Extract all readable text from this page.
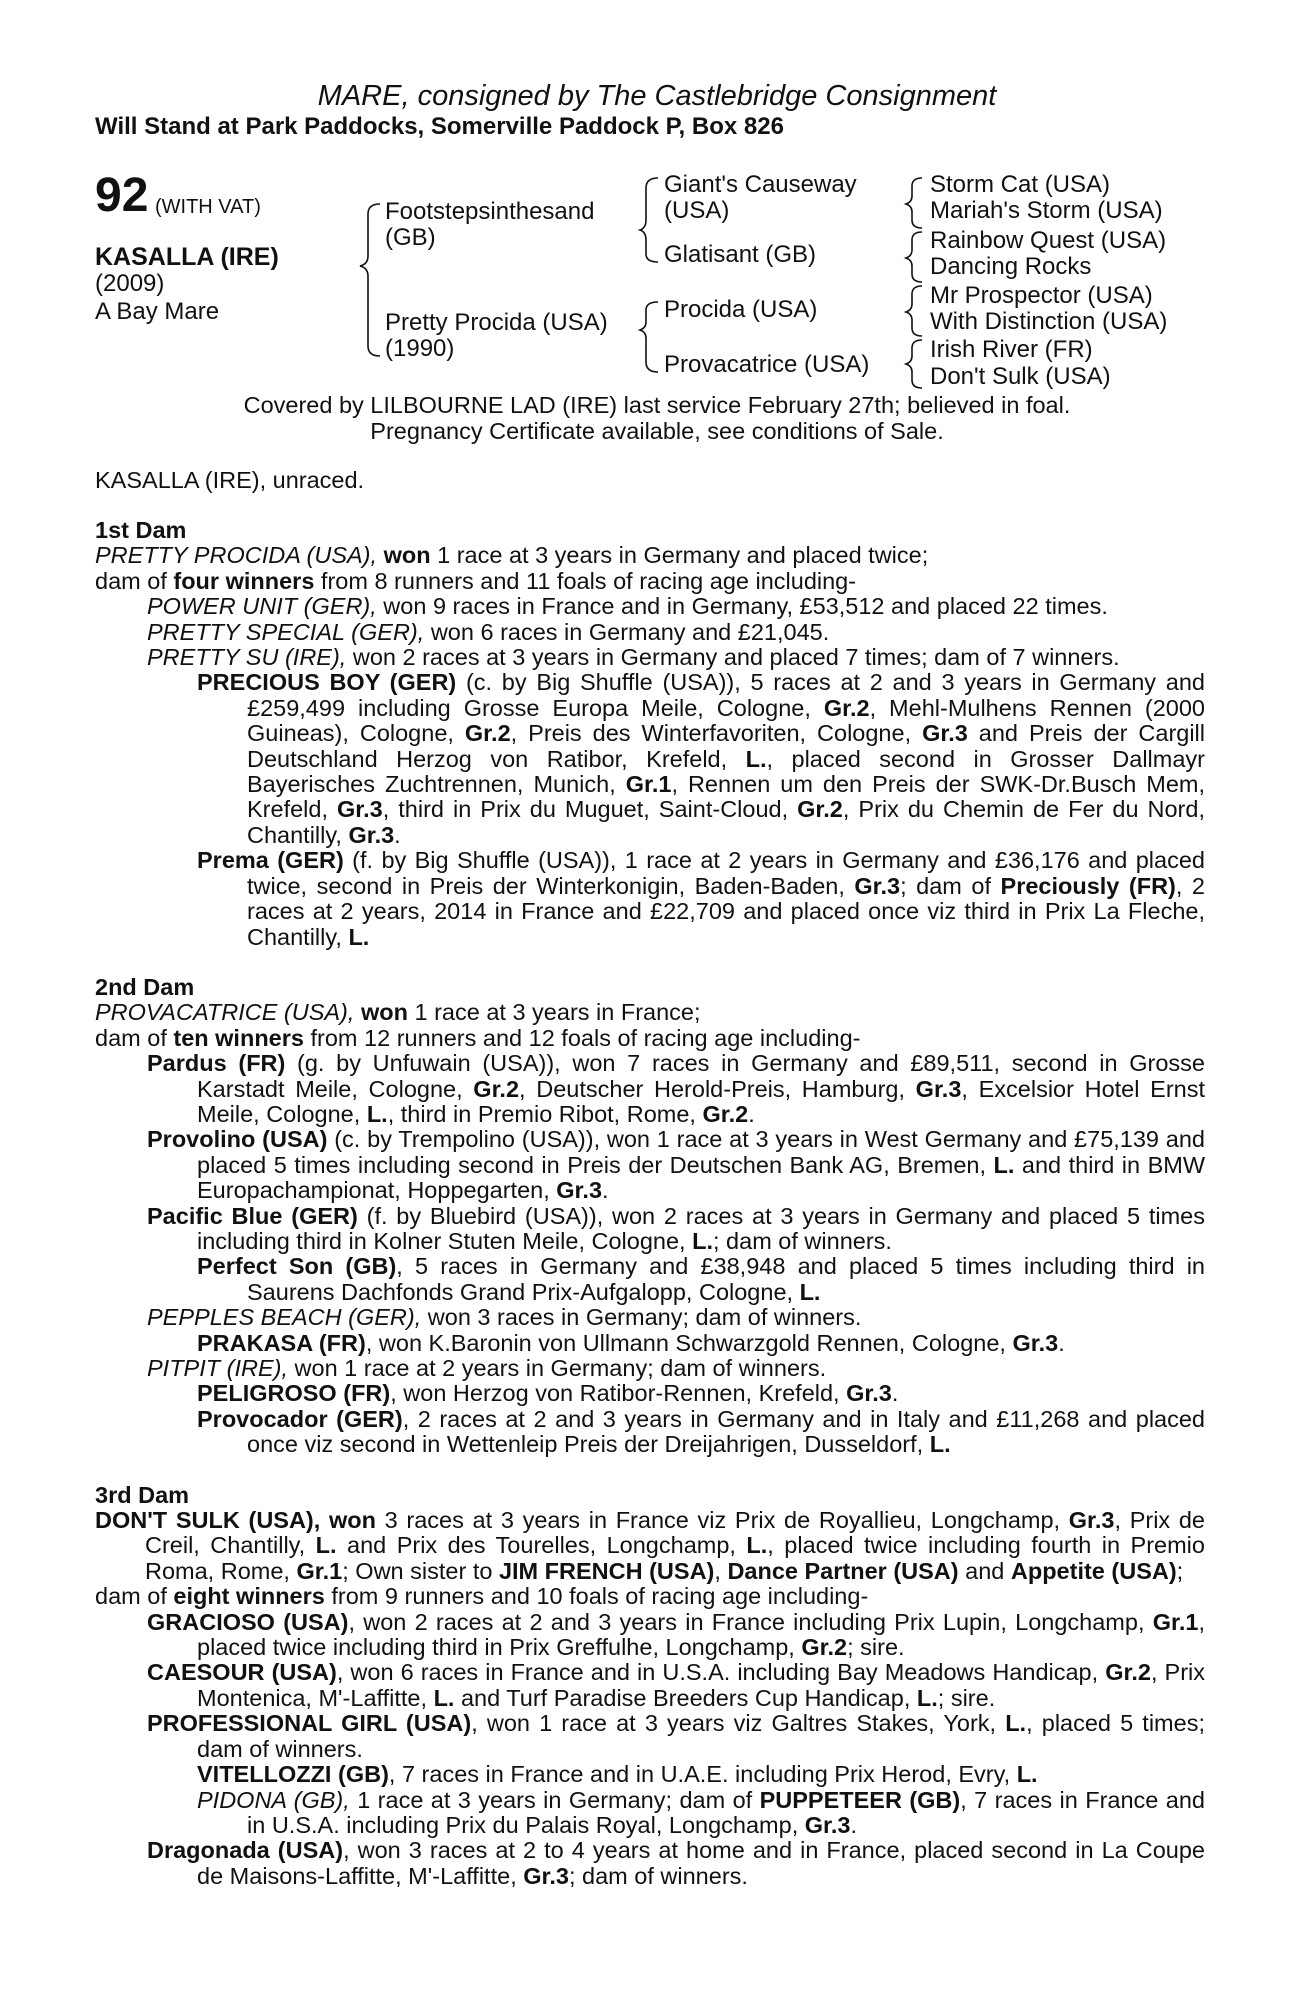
MARE, consigned by The Castlebridge Consignment
Will Stand at Park Paddocks, Somerville Paddock P, Box 826
92 (WITH VAT)
KASALLA (IRE)
(2009)
A Bay Mare
Footstepsinthesand
(GB)
Pretty Procida (USA)
(1990)
Giant's Causeway
(USA)
Glatisant (GB)
Procida (USA)
Provacatrice (USA)
Storm Cat (USA)
Mariah's Storm (USA)
Rainbow Quest (USA)
Dancing Rocks
Mr Prospector (USA)
With Distinction (USA)
Irish River (FR)
Don't Sulk (USA)
Covered by LILBOURNE LAD (IRE) last service February 27th; believed in foal.
Pregnancy Certificate available, see conditions of Sale.
KASALLA (IRE), unraced.
1st Dam
PRETTY PROCIDA (USA), won 1 race at 3 years in Germany and placed twice;
dam of four winners from 8 runners and 11 foals of racing age including-
POWER UNIT (GER), won 9 races in France and in Germany, £53,512 and placed 22 times.
PRETTY SPECIAL (GER), won 6 races in Germany and £21,045.
PRETTY SU (IRE), won 2 races at 3 years in Germany and placed 7 times; dam of 7 winners.
PRECIOUS BOY (GER) (c. by Big Shuffle (USA)), 5 races at 2 and 3 years in Germany and £259,499 including Grosse Europa Meile, Cologne, Gr.2, Mehl-Mulhens Rennen (2000 Guineas), Cologne, Gr.2, Preis des Winterfavoriten, Cologne, Gr.3 and Preis der Cargill Deutschland Herzog von Ratibor, Krefeld, L., placed second in Grosser Dallmayr Bayerisches Zuchtrennen, Munich, Gr.1, Rennen um den Preis der SWK-Dr.Busch Mem, Krefeld, Gr.3, third in Prix du Muguet, Saint-Cloud, Gr.2, Prix du Chemin de Fer du Nord, Chantilly, Gr.3.
Prema (GER) (f. by Big Shuffle (USA)), 1 race at 2 years in Germany and £36,176 and placed twice, second in Preis der Winterkonigin, Baden-Baden, Gr.3; dam of Preciously (FR), 2 races at 2 years, 2014 in France and £22,709 and placed once viz third in Prix La Fleche, Chantilly, L.
2nd Dam
PROVACATRICE (USA), won 1 race at 3 years in France;
dam of ten winners from 12 runners and 12 foals of racing age including-
Pardus (FR) (g. by Unfuwain (USA)), won 7 races in Germany and £89,511, second in Grosse Karstadt Meile, Cologne, Gr.2, Deutscher Herold-Preis, Hamburg, Gr.3, Excelsior Hotel Ernst Meile, Cologne, L., third in Premio Ribot, Rome, Gr.2.
Provolino (USA) (c. by Trempolino (USA)), won 1 race at 3 years in West Germany and £75,139 and placed 5 times including second in Preis der Deutschen Bank AG, Bremen, L. and third in BMW Europachampionat, Hoppegarten, Gr.3.
Pacific Blue (GER) (f. by Bluebird (USA)), won 2 races at 3 years in Germany and placed 5 times including third in Kolner Stuten Meile, Cologne, L.; dam of winners.
Perfect Son (GB), 5 races in Germany and £38,948 and placed 5 times including third in Saurens Dachfonds Grand Prix-Aufgalopp, Cologne, L.
PEPPLES BEACH (GER), won 3 races in Germany; dam of winners.
PRAKASA (FR), won K.Baronin von Ullmann Schwarzgold Rennen, Cologne, Gr.3.
PITPIT (IRE), won 1 race at 2 years in Germany; dam of winners.
PELIGROSO (FR), won Herzog von Ratibor-Rennen, Krefeld, Gr.3.
Provocador (GER), 2 races at 2 and 3 years in Germany and in Italy and £11,268 and placed once viz second in Wettenleip Preis der Dreijahrigen, Dusseldorf, L.
3rd Dam
DON'T SULK (USA), won 3 races at 3 years in France viz Prix de Royallieu, Longchamp, Gr.3, Prix de Creil, Chantilly, L. and Prix des Tourelles, Longchamp, L., placed twice including fourth in Premio Roma, Rome, Gr.1; Own sister to JIM FRENCH (USA), Dance Partner (USA) and Appetite (USA);
dam of eight winners from 9 runners and 10 foals of racing age including-
GRACIOSO (USA), won 2 races at 2 and 3 years in France including Prix Lupin, Longchamp, Gr.1, placed twice including third in Prix Greffulhe, Longchamp, Gr.2; sire.
CAESOUR (USA), won 6 races in France and in U.S.A. including Bay Meadows Handicap, Gr.2, Prix Montenica, M'-Laffitte, L. and Turf Paradise Breeders Cup Handicap, L.; sire.
PROFESSIONAL GIRL (USA), won 1 race at 3 years viz Galtres Stakes, York, L., placed 5 times; dam of winners.
VITELLOZZI (GB), 7 races in France and in U.A.E. including Prix Herod, Evry, L.
PIDONA (GB), 1 race at 3 years in Germany; dam of PUPPETEER (GB), 7 races in France and in U.S.A. including Prix du Palais Royal, Longchamp, Gr.3.
Dragonada (USA), won 3 races at 2 to 4 years at home and in France, placed second in La Coupe de Maisons-Laffitte, M'-Laffitte, Gr.3; dam of winners.
